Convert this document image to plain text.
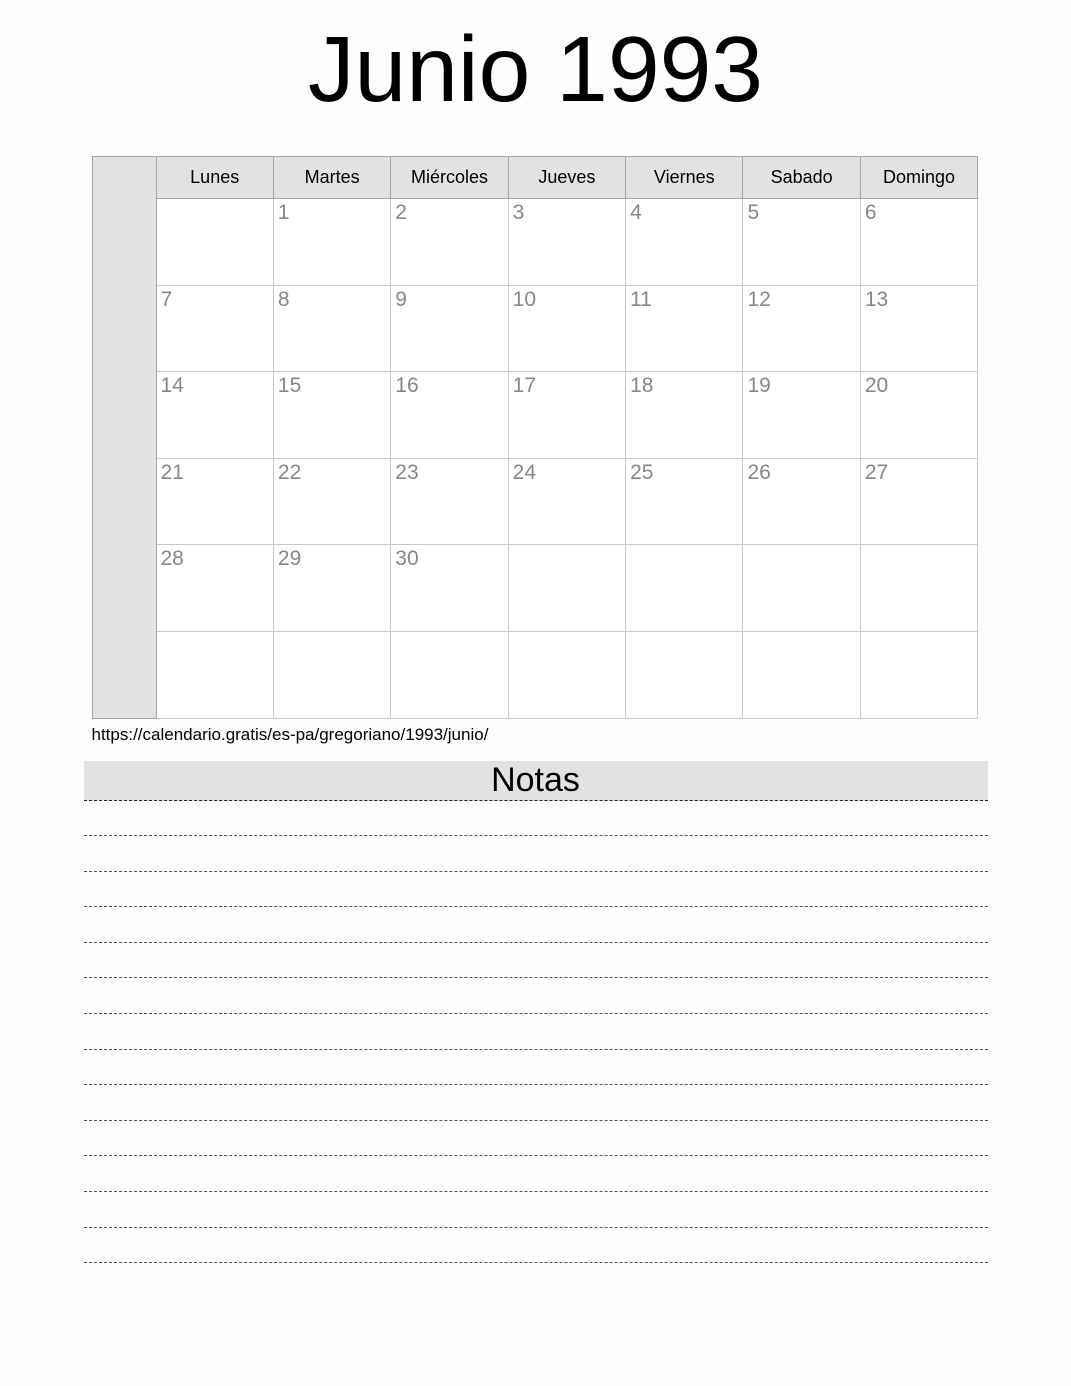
Junio 1993
	Lunes	Martes	Miércoles	Jueves	Viernes	Sabado	Domingo
		1	2	3	4	5	6
	7	8	9	10	11	12	13
	14	15	16	17	18	19	20
	21	22	23	24	25	26	27
	28	29	30				

https://calendario.gratis/es-pa/gregoriano/1993/junio/

Notas
